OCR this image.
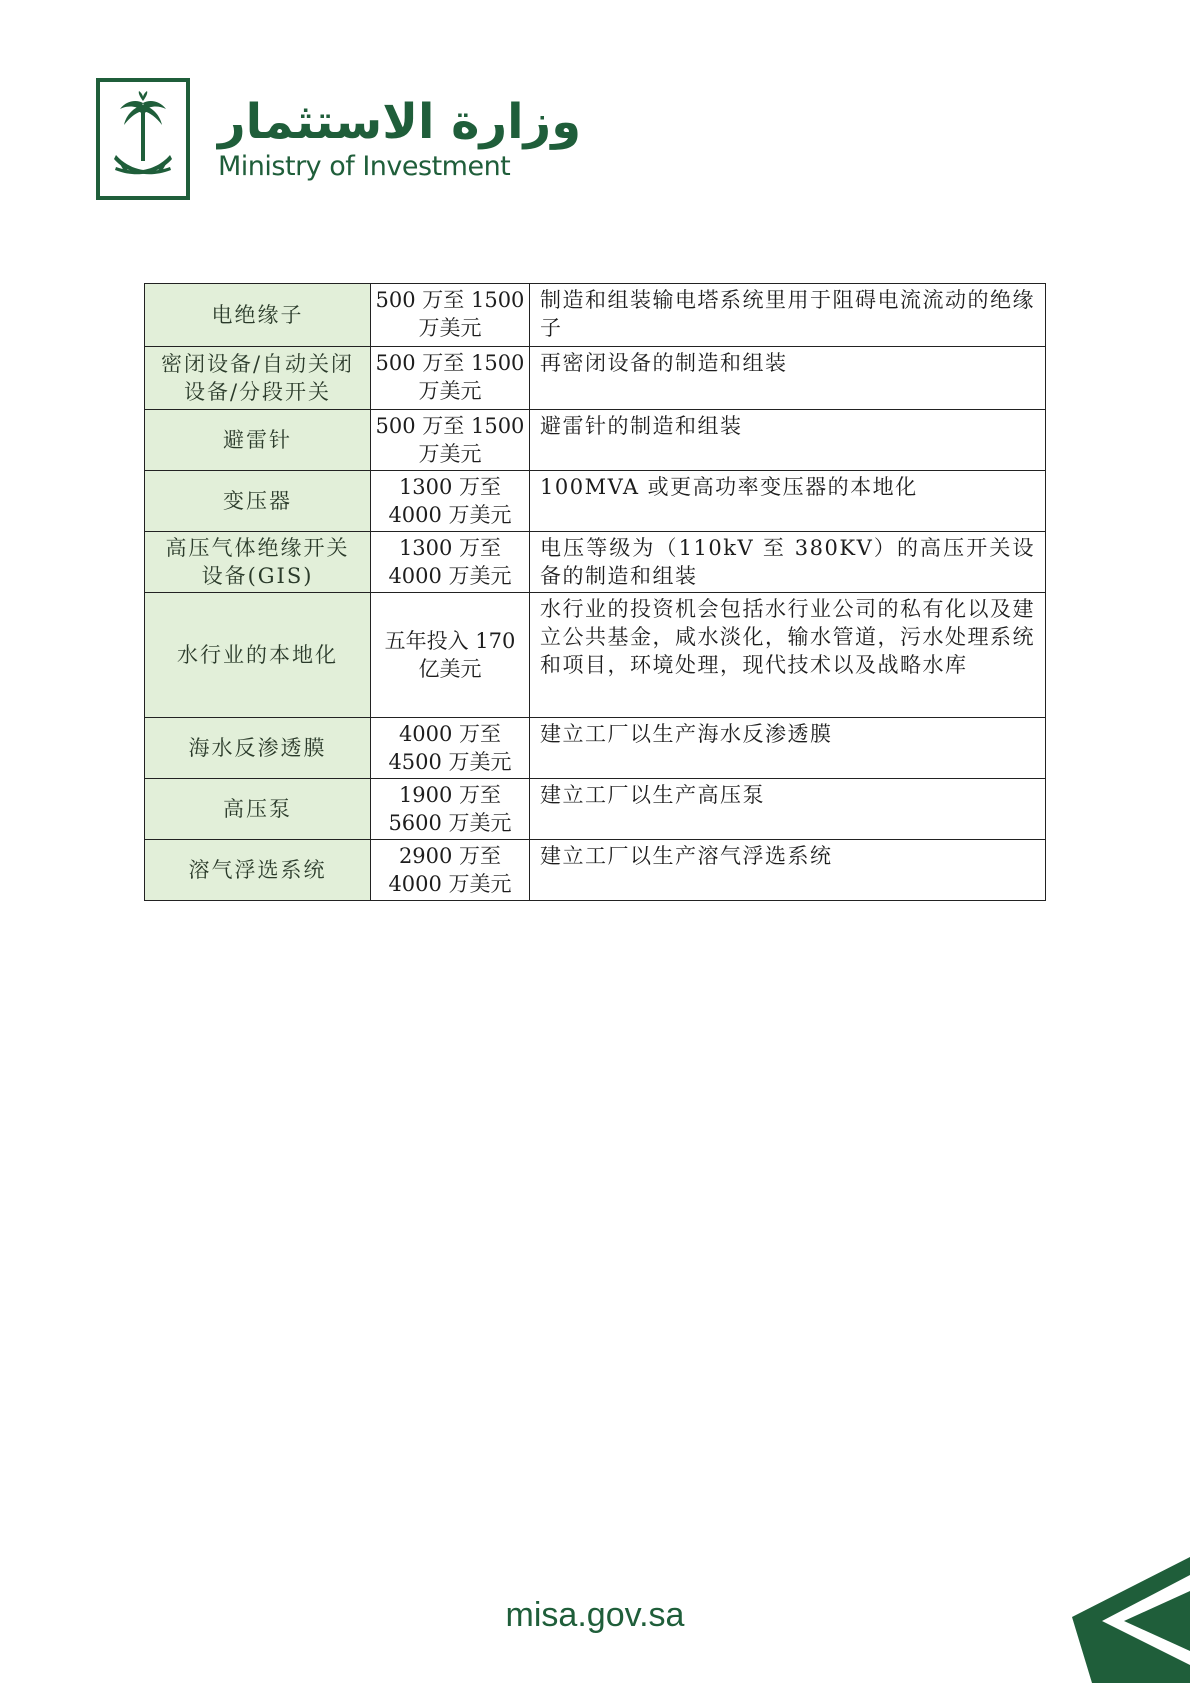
وزارة الاستثمار
Ministry of Investment
电绝缘子	500 万至 1500 万美元	制造和组装输电塔系统里用于阻碍电流流动的绝缘子
密闭设备/自动关闭设备/分段开关	500 万至 1500 万美元	再密闭设备的制造和组装
避雷针	500 万至 1500 万美元	避雷针的制造和组装
变压器	1300 万至 4000 万美元	100MVA 或更高功率变压器的本地化
高压气体绝缘开关设备(GIS)	1300 万至 4000 万美元	电压等级为（110kV 至 380KV）的高压开关设备的制造和组装
水行业的本地化	五年投入 170 亿美元	水行业的投资机会包括水行业公司的私有化以及建立公共基金，咸水淡化，输水管道，污水处理系统和项目，环境处理，现代技术以及战略水库
海水反渗透膜	4000 万至 4500 万美元	建立工厂以生产海水反渗透膜
高压泵	1900 万至 5600 万美元	建立工厂以生产高压泵
溶气浮选系统	2900 万至 4000 万美元	建立工厂以生产溶气浮选系统
misa.gov.sa
